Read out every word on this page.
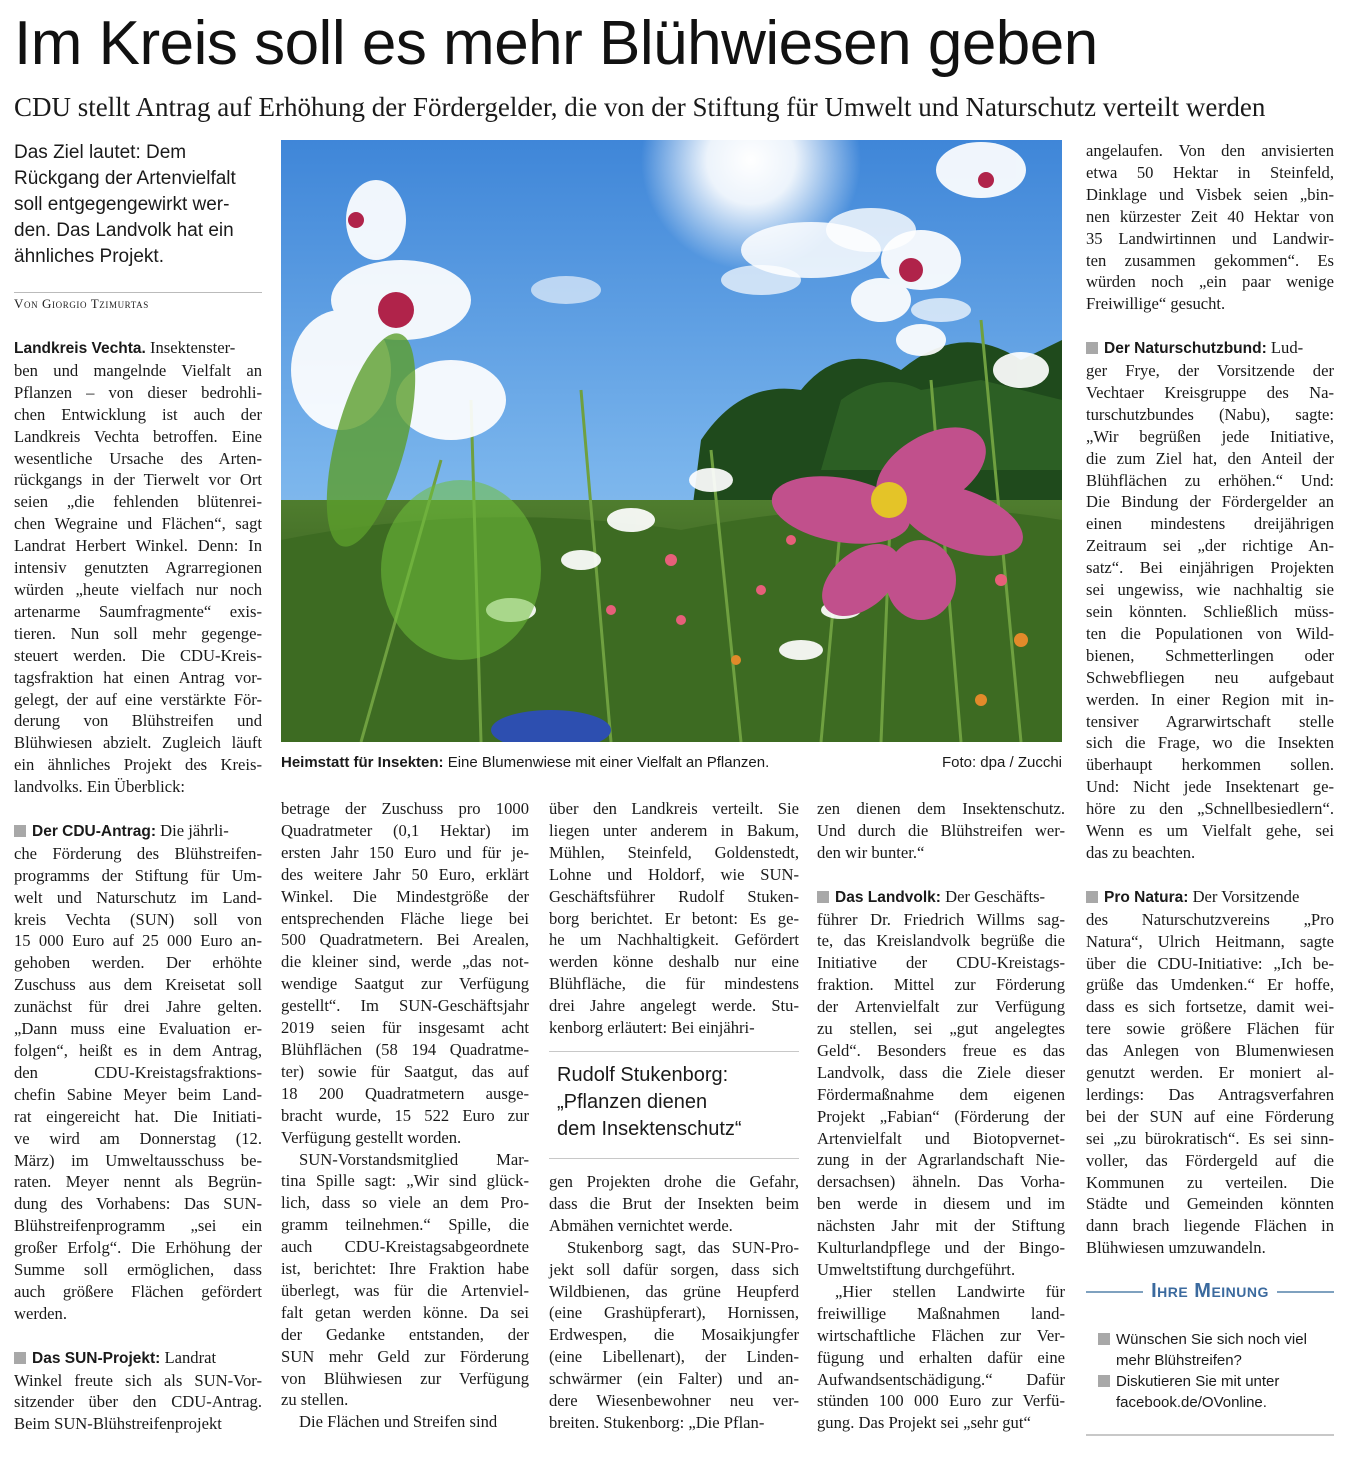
Im Kreis soll es mehr Blühwiesen geben
CDU stellt Antrag auf Erhöhung der Fördergelder, die von der Stiftung für Umwelt und Naturschutz verteilt werden
Das Ziel lautet: Dem
Rückgang der Artenvielfalt
soll entgegengewirkt wer-
den. Das Landvolk hat ein
ähnliches Projekt.
Von Giorgio Tzimurtas

Landkreis Vechta. Insektenster-

ben und mangelnde Vielfalt an
Pflanzen – von dieser bedrohli-
chen Entwicklung ist auch der
Landkreis Vechta betroffen. Eine
wesentliche Ursache des Arten-
rückgangs in der Tierwelt vor Ort
seien „die fehlenden blütenrei-
chen Wegraine und Flächen“, sagt
Landrat Herbert Winkel. Denn: In
intensiv genutzten Agrarregionen
würden „heute vielfach nur noch
artenarme Saumfragmente“ exis-
tieren. Nun soll mehr gegenge-
steuert werden. Die CDU-Kreis-
tagsfraktion hat einen Antrag vor-
gelegt, der auf eine verstärkte För-
derung von Blühstreifen und
Blühwiesen abzielt. Zugleich läuft
ein ähnliches Projekt des Kreis-
landvolks. Ein Überblick:

Der CDU-Antrag: Die jährli-

che Förderung des Blühstreifen-
programms der Stiftung für Um-
welt und Naturschutz im Land-
kreis Vechta (SUN) soll von
15 000 Euro auf 25 000 Euro an-
gehoben werden. Der erhöhte
Zuschuss aus dem Kreisetat soll
zunächst für drei Jahre gelten.
„Dann muss eine Evaluation er-
folgen“, heißt es in dem Antrag,
den CDU-Kreistagsfraktions-
chefin Sabine Meyer beim Land-
rat eingereicht hat. Die Initiati-
ve wird am Donnerstag (12.
März) im Umweltausschuss be-
raten. Meyer nennt als Begrün-
dung des Vorhabens: Das SUN-
Blühstreifenprogramm „sei ein
großer Erfolg“. Die Erhöhung der
Summe soll ermöglichen, dass
auch größere Flächen gefördert
werden.

Das SUN-Projekt: Landrat

Winkel freute sich als SUN-Vor-
sitzender über den CDU-Antrag.
Beim SUN-Blühstreifenprojekt
Heimstatt für Insekten: Eine Blumenwiese mit einer Vielfalt an Pflanzen.	Foto: dpa / Zucchi
betrage der Zuschuss pro 1000
Quadratmeter (0,1 Hektar) im
ersten Jahr 150 Euro und für je-
des weitere Jahr 50 Euro, erklärt
Winkel. Die Mindestgröße der
entsprechenden Fläche liege bei
500 Quadratmetern. Bei Arealen,
die kleiner sind, werde „das not-
wendige Saatgut zur Verfügung
gestellt“. Im SUN-Geschäftsjahr
2019 seien für insgesamt acht
Blühflächen (58 194 Quadratme-
ter) sowie für Saatgut, das auf
18 200 Quadratmetern ausge-
bracht wurde, 15 522 Euro zur
Verfügung gestellt worden.
SUN-Vorstandsmitglied Mar-
tina Spille sagt: „Wir sind glück-
lich, dass so viele an dem Pro-
gramm teilnehmen.“ Spille, die
auch CDU-Kreistagsabgeordnete
ist, berichtet: Ihre Fraktion habe
überlegt, was für die Artenviel-
falt getan werden könne. Da sei
der Gedanke entstanden, der
SUN mehr Geld zur Förderung
von Blühwiesen zur Verfügung
zu stellen.
Die Flächen und Streifen sind
über den Landkreis verteilt. Sie
liegen unter anderem in Bakum,
Mühlen, Steinfeld, Goldenstedt,
Lohne und Holdorf, wie SUN-
Geschäftsführer Rudolf Stuken-
borg berichtet. Er betont: Es ge-
he um Nachhaltigkeit. Gefördert
werden könne deshalb nur eine
Blühfläche, die für mindestens
drei Jahre angelegt werde. Stu-
kenborg erläutert: Bei einjähri-
Rudolf Stukenborg:
„Pflanzen dienen
dem Insektenschutz“
gen Projekten drohe die Gefahr,
dass die Brut der Insekten beim
Abmähen vernichtet werde.
Stukenborg sagt, das SUN-Pro-
jekt soll dafür sorgen, dass sich
Wildbienen, das grüne Heupferd
(eine Grashüpferart), Hornissen,
Erdwespen, die Mosaikjungfer
(eine Libellenart), der Linden-
schwärmer (ein Falter) und an-
dere Wiesenbewohner neu ver-
breiten. Stukenborg: „Die Pflan-
zen dienen dem Insektenschutz.
Und durch die Blühstreifen wer-
den wir bunter.“

Das Landvolk: Der Geschäfts-

führer Dr. Friedrich Willms sag-
te, das Kreislandvolk begrüße die
Initiative der CDU-Kreistags-
fraktion. Mittel zur Förderung
der Artenvielfalt zur Verfügung
zu stellen, sei „gut angelegtes
Geld“. Besonders freue es das
Landvolk, dass die Ziele dieser
Fördermaßnahme dem eigenen
Projekt „Fabian“ (Förderung der
Artenvielfalt und Biotopvernet-
zung in der Agrarlandschaft Nie-
dersachsen) ähneln. Das Vorha-
ben werde in diesem und im
nächsten Jahr mit der Stiftung
Kulturlandpflege und der Bingo-
Umweltstiftung durchgeführt.
„Hier stellen Landwirte für
freiwillige Maßnahmen land-
wirtschaftliche Flächen zur Ver-
fügung und erhalten dafür eine
Aufwandsentschädigung.“ Dafür
stünden 100 000 Euro zur Verfü-
gung. Das Projekt sei „sehr gut“
angelaufen. Von den anvisierten
etwa 50 Hektar in Steinfeld,
Dinklage und Visbek seien „bin-
nen kürzester Zeit 40 Hektar von
35 Landwirtinnen und Landwir-
ten zusammen gekommen“. Es
würden noch „ein paar wenige
Freiwillige“ gesucht.

Der Naturschutzbund: Lud-

ger Frye, der Vorsitzende der
Vechtaer Kreisgruppe des Na-
turschutzbundes (Nabu), sagte:
„Wir begrüßen jede Initiative,
die zum Ziel hat, den Anteil der
Blühflächen zu erhöhen.“ Und:
Die Bindung der Fördergelder an
einen mindestens dreijährigen
Zeitraum sei „der richtige An-
satz“. Bei einjährigen Projekten
sei ungewiss, wie nachhaltig sie
sein könnten. Schließlich müss-
ten die Populationen von Wild-
bienen, Schmetterlingen oder
Schwebfliegen neu aufgebaut
werden. In einer Region mit in-
tensiver Agrarwirtschaft stelle
sich die Frage, wo die Insekten
überhaupt herkommen sollen.
Und: Nicht jede Insektenart ge-
höre zu den „Schnellbesiedlern“.
Wenn es um Vielfalt gehe, sei
das zu beachten.

Pro Natura: Der Vorsitzende

des Naturschutzvereins „Pro
Natura“, Ulrich Heitmann, sagte
über die CDU-Initiative: „Ich be-
grüße das Umdenken.“ Er hoffe,
dass es sich fortsetze, damit wei-
tere sowie größere Flächen für
das Anlegen von Blumenwiesen
genutzt werden. Er moniert al-
lerdings: Das Antragsverfahren
bei der SUN auf eine Förderung
sei „zu bürokratisch“. Es sei sinn-
voller, das Fördergeld auf die
Kommunen zu verteilen. Die
Städte und Gemeinden könnten
dann brach liegende Flächen in
Blühwiesen umzuwandeln.
Ihre Meinung
Wünschen Sie sich noch viel
mehr Blühstreifen?
Diskutieren Sie mit unter
facebook.de/OVonline.
